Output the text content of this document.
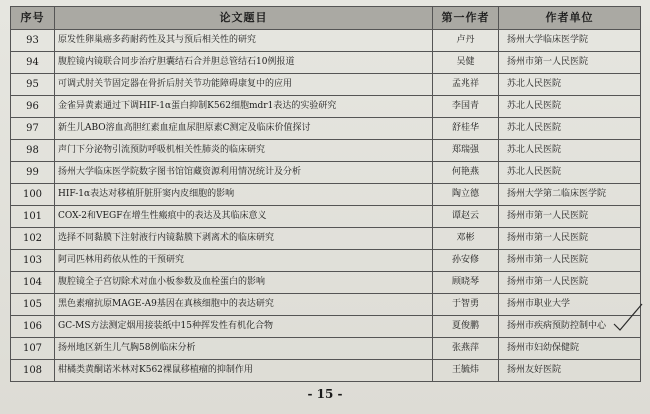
序号	论文题目	第一作者	作者单位
93	原发性卵巢癌多药耐药性及其与预后相关性的研究	卢丹	扬州大学临床医学院
94	腹腔镜内镜联合同步治疗胆囊结石合并胆总管结石10例报道	吴健	扬州市第一人民医院
95	可调式肘关节固定器在骨折后肘关节功能障碍康复中的应用	孟兆祥	苏北人民医院
96	金雀异黄素通过下调HIF-1α蛋白抑制K562细胞mdr1表达的实验研究	李国青	苏北人民医院
97	新生儿ABO溶血高胆红素血症血尿胆原素C测定及临床价值探讨	舒桂华	苏北人民医院
98	声门下分泌物引流预防呼吸机相关性肺炎的临床研究	郑瑞强	苏北人民医院
99	扬州大学临床医学院数字图书馆馆藏资源利用情况统计及分析	何艳燕	苏北人民医院
100	HIF-1α表达对移植肝脏肝窦内皮细胞的影响	陶立德	扬州大学第二临床医学院
101	COX-2和VEGF在增生性瘢痕中的表达及其临床意义	谭赵云	扬州市第一人民医院
102	选择不同黏膜下注射液行内镜黏膜下剥离术的临床研究	邓彬	扬州市第一人民医院
103	阿司匹林用药依从性的干预研究	孙安修	扬州市第一人民医院
104	腹腔镜全子宫切除术对血小板参数及血栓蛋白的影响	顾晓琴	扬州市第一人民医院
105	黑色素瘤抗原MAGE-A9基因在真核细胞中的表达研究	于智勇	扬州市职业大学
106	GC-MS方法测定烟用接装纸中15种挥发性有机化合物	夏俊鹏	扬州市疾病预防控制中心
107	扬州地区新生儿气胸58例临床分析	张燕萍	扬州市妇幼保健院
108	柑橘类黄酮诺米林对K562裸鼠移植瘤的抑制作用	王毓炜	扬州友好医院
- 15 -
